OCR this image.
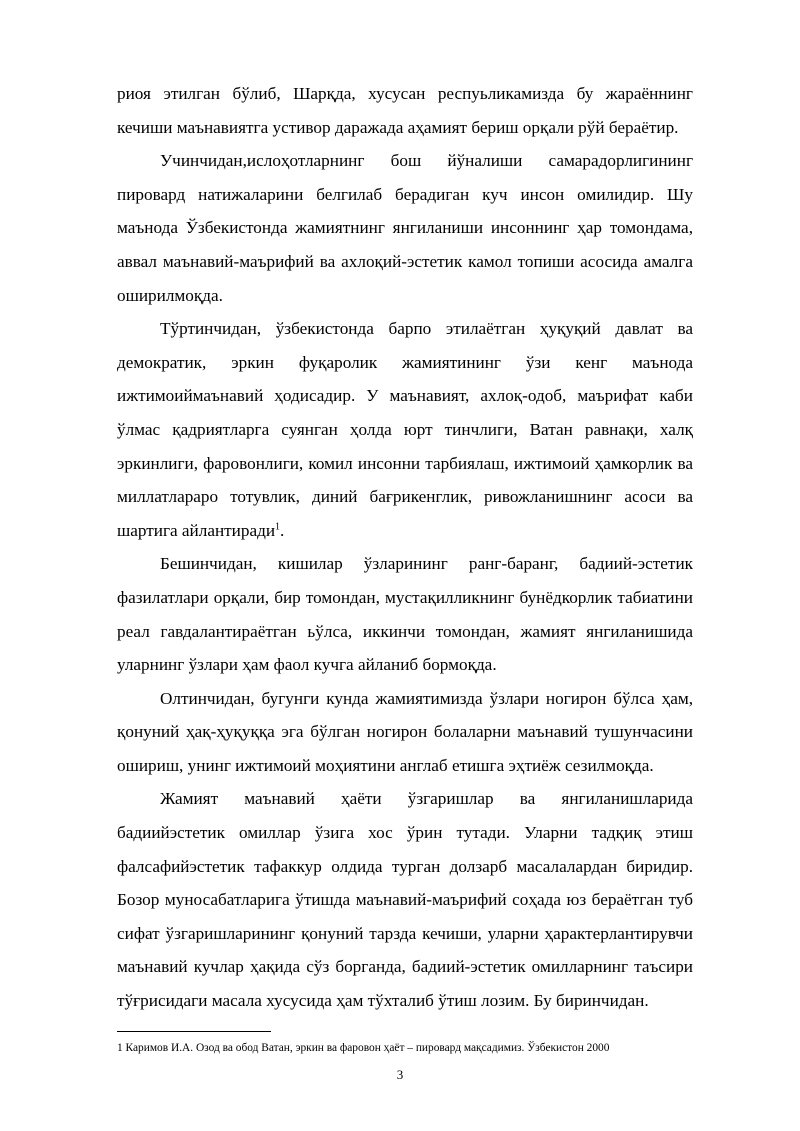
риоя этилган бўлиб, Шарқда, хусусан респуьликамизда бу жараённинг кечиши маънавиятга устивор даражада аҳамият бериш орқали рўй бераётир.

Учинчидан,ислоҳотларнинг бош йўналиши самарадорлигининг пировард натижаларини белгилаб берадиган куч инсон омилидир. Шу маънода Ўзбекистонда жамиятнинг янгиланиши инсоннинг ҳар томондама, аввал маънавий-маърифий ва ахлоқий-эстетик камол топиши асосида амалга оширилмоқда.

Тўртинчидан, ўзбекистонда барпо этилаётган ҳуқуқий давлат ва демократик, эркин фуқаролик жамиятининг ўзи кенг маънода ижтимоиймаънавий ҳодисадир. У маънавият, ахлоқ-одоб, маърифат каби ўлмас қадриятларга суянган ҳолда юрт тинчлиги, Ватан равнақи, халқ эркинлиги, фаровонлиги, комил инсонни тарбиялаш, ижтимоий ҳамкорлик ва миллатлараро тотувлик, диний бағрикенглик, ривожланишнинг асоси ва шартига айлантиради$^1$.

Бешинчидан, кишилар ўзларининг ранг-баранг, бадиий-эстетик фазилатлари орқали, бир томондан, мустақилликнинг бунёдкорлик табиатини реал гавдалантираётган ьўлса, иккинчи томондан, жамият янгиланишида уларнинг ўзлари ҳам фаол кучга айланиб бормоқда.

Олтинчидан, бугунги кунда жамиятимизда ўзлари ногирон бўлса ҳам, қонуний ҳақ-ҳуқуққа эга бўлган ногирон болаларни маънавий тушунчасини ошириш, унинг ижтимоий моҳиятини англаб етишга эҳтиёж сезилмоқда.

Жамият маънавий ҳаёти ўзгаришлар ва янгиланишларида бадиийэстетик омиллар ўзига хос ўрин тутади. Уларни тадқиқ этиш фалсафийэстетик тафаккур олдида турган долзарб масалалардан биридир. Бозор муносабатларига ўтишда маънавий-маърифий соҳада юз бераётган туб сифат ўзгаришларининг қонуний тарзда кечиши, уларни ҳарактерлантирувчи маънавий кучлар ҳақида сўз борганда, бадиий-эстетик омилларнинг таъсири тўғрисидаги масала хусусида ҳам тўхталиб ўтиш лозим. Бу биринчидан.

1 Каримов И.А. Озод ва обод Ватан, эркин ва фаровон ҳаёт – пировард мақсадимиз. Ўзбекистон 2000
3
